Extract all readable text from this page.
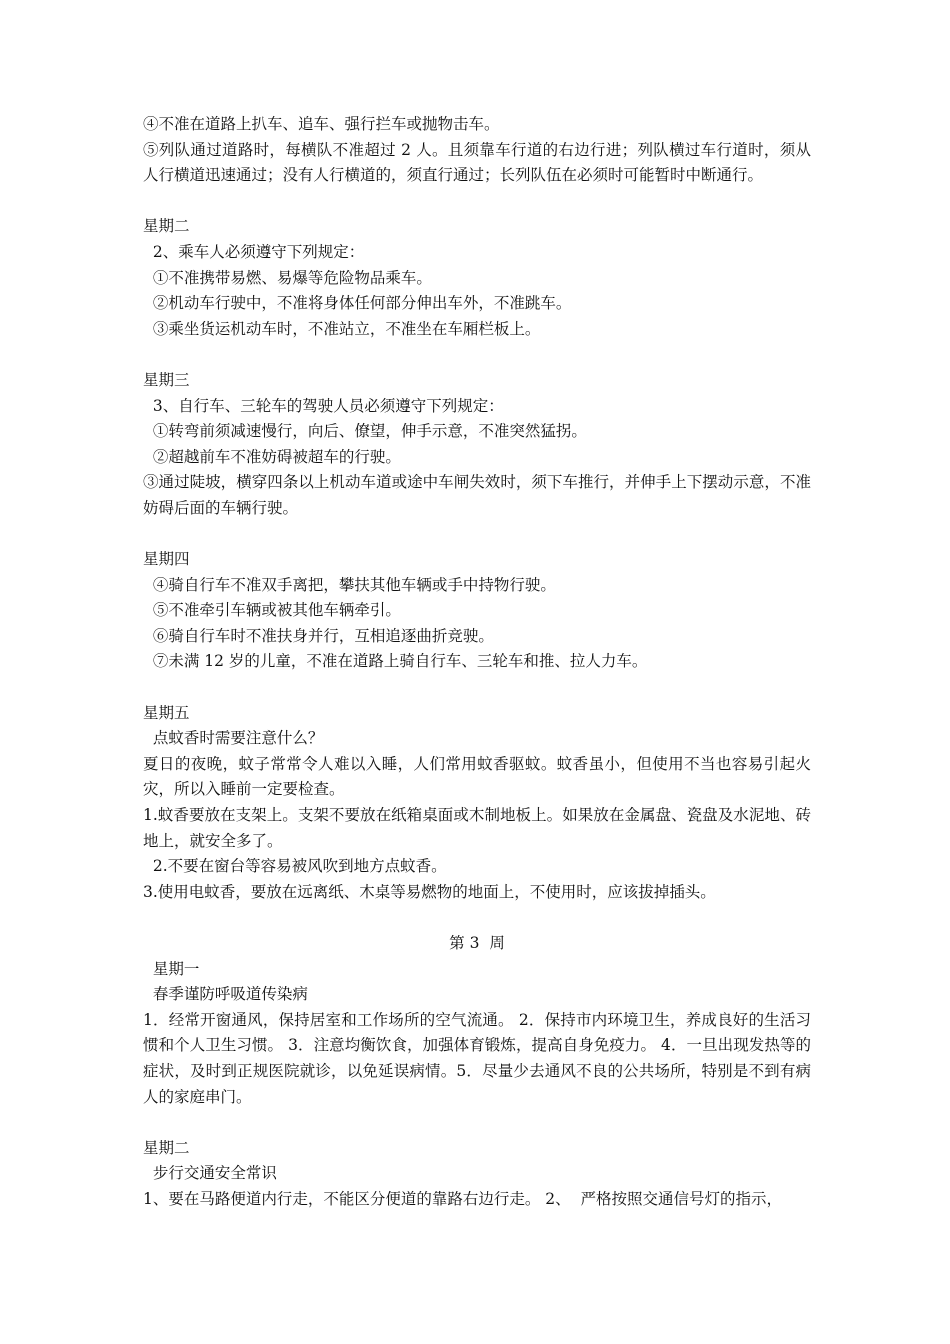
④不准在道路上扒车、追车、强行拦车或抛物击车。
⑤列队通过道路时，每横队不准超过 2 人。且须靠车行道的右边行进；列队横过车行道时，须从人行横道迅速通过；没有人行横道的，须直行通过；长列队伍在必须时可能暂时中断通行。
星期二
2、乘车人必须遵守下列规定：
①不准携带易燃、易爆等危险物品乘车。
②机动车行驶中，不准将身体任何部分伸出车外，不准跳车。
③乘坐货运机动车时，不准站立，不准坐在车厢栏板上。
星期三
3、自行车、三轮车的驾驶人员必须遵守下列规定：
①转弯前须减速慢行，向后、僚望，伸手示意，不准突然猛拐。
②超越前车不准妨碍被超车的行驶。
③通过陡坡，横穿四条以上机动车道或途中车闸失效时，须下车推行，并伸手上下摆动示意，不准妨碍后面的车辆行驶。
星期四
④骑自行车不准双手离把，攀扶其他车辆或手中持物行驶。
⑤不准牵引车辆或被其他车辆牵引。
⑥骑自行车时不准扶身并行，互相追逐曲折竞驶。
⑦未满 12 岁的儿童，不准在道路上骑自行车、三轮车和推、拉人力车。
星期五
点蚊香时需要注意什么？
夏日的夜晚，蚊子常常令人难以入睡，人们常用蚊香驱蚊。蚊香虽小，但使用不当也容易引起火灾，所以入睡前一定要检查。
1.蚊香要放在支架上。支架不要放在纸箱桌面或木制地板上。如果放在金属盘、瓷盘及水泥地、砖地上，就安全多了。
2.不要在窗台等容易被风吹到地方点蚊香。
3.使用电蚊香，要放在远离纸、木桌等易燃物的地面上，不使用时，应该拔掉插头。
第 3  周
星期一
春季谨防呼吸道传染病
1．经常开窗通风，保持居室和工作场所的空气流通。 2．保持市内环境卫生，养成良好的生活习惯和个人卫生习惯。 3．注意均衡饮食，加强体育锻炼，提高自身免疫力。 4．一旦出现发热等的症状，及时到正规医院就诊，以免延误病情。5．尽量少去通风不良的公共场所，特别是不到有病人的家庭串门。
星期二
步行交通安全常识
1、要在马路便道内行走，不能区分便道的靠路右边行走。 2、  严格按照交通信号灯的指示，
